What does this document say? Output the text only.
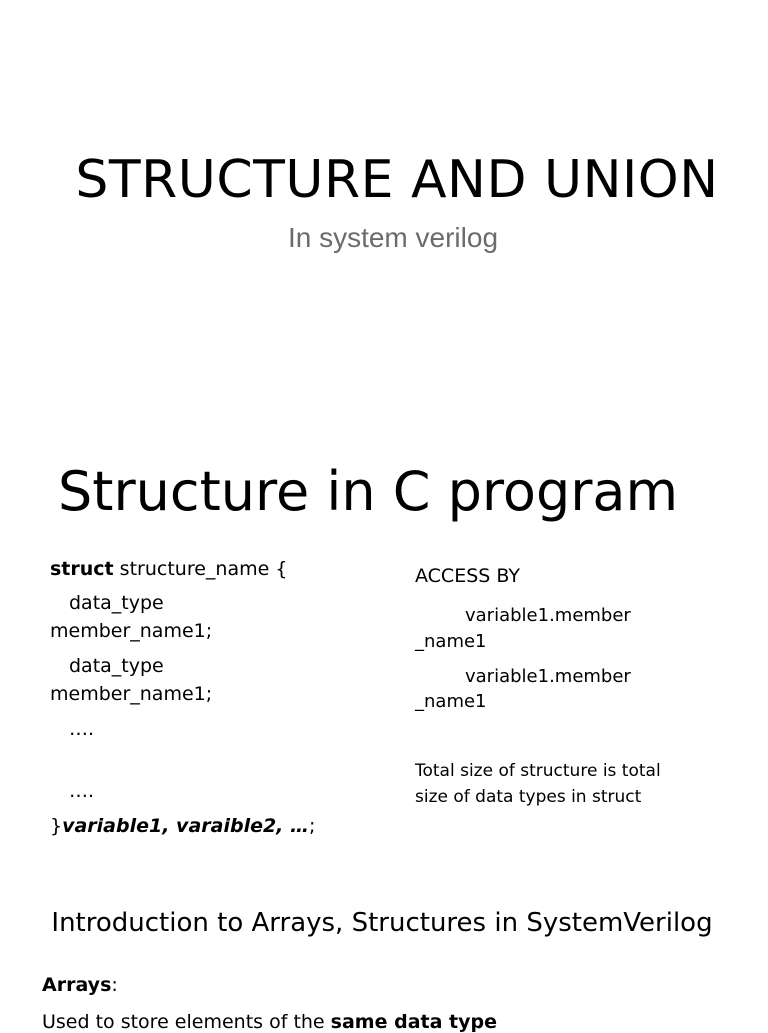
STRUCTURE AND UNION
In system verilog
Structure in C program
struct structure_name {
data_type
member_name1;
data_type
member_name1;
….
….
}variable1, varaible2, …;
ACCESS BY
variable1.member
_name1
variable1.member
_name1
Total size of structure is total
size of data types in struct
Introduction to Arrays, Structures in SystemVerilog
Arrays:
Used to store elements of the same data type
